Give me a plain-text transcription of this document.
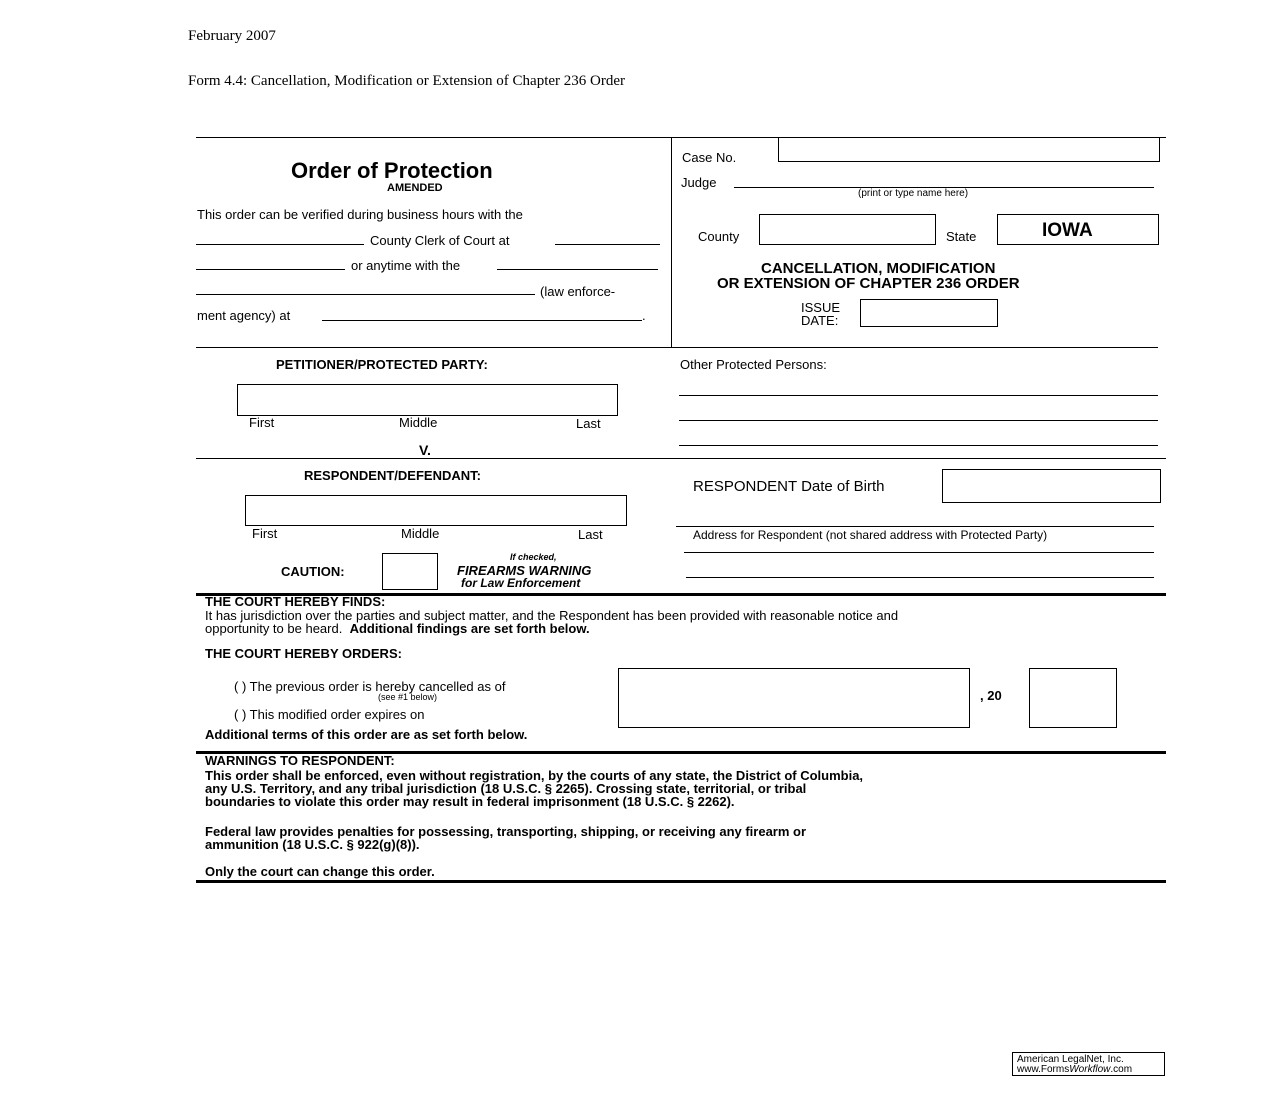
February 2007
Form 4.4: Cancellation, Modification or Extension of Chapter 236 Order
Order of Protection
AMENDED
This order can be verified during business hours with the
County Clerk of Court at
or anytime with the
(law enforce-
ment agency) at	.
Case No.
Judge
(print or type name here)
County	State	IOWA
CANCELLATION, MODIFICATION
OR EXTENSION OF CHAPTER 236 ORDER
ISSUE
DATE:
PETITIONER/PROTECTED PARTY:
First	Middle	Last
V.
Other Protected Persons:
RESPONDENT/DEFENDANT:
First	Middle	Last
RESPONDENT Date of Birth
Address for Respondent (not shared address with Protected Party)
CAUTION:
If checked,
FIREARMS WARNING
for Law Enforcement
THE COURT HEREBY FINDS:
It has jurisdiction over the parties and subject matter, and the Respondent has been provided with reasonable notice and
opportunity to be heard. Additional findings are set forth below.
THE COURT HEREBY ORDERS:
( ) The previous order is hereby cancelled as of
(see #1 below)
( ) This modified order expires on
, 20
Additional terms of this order are as set forth below.
WARNINGS TO RESPONDENT:
This order shall be enforced, even without registration, by the courts of any state, the District of Columbia,
any U.S. Territory, and any tribal jurisdiction (18 U.S.C. § 2265). Crossing state, territorial, or tribal
boundaries to violate this order may result in federal imprisonment (18 U.S.C. § 2262).
Federal law provides penalties for possessing, transporting, shipping, or receiving any firearm or
ammunition (18 U.S.C. § 922(g)(8)).
Only the court can change this order.
American LegalNet, Inc.
www.FormsWorkflow.com
